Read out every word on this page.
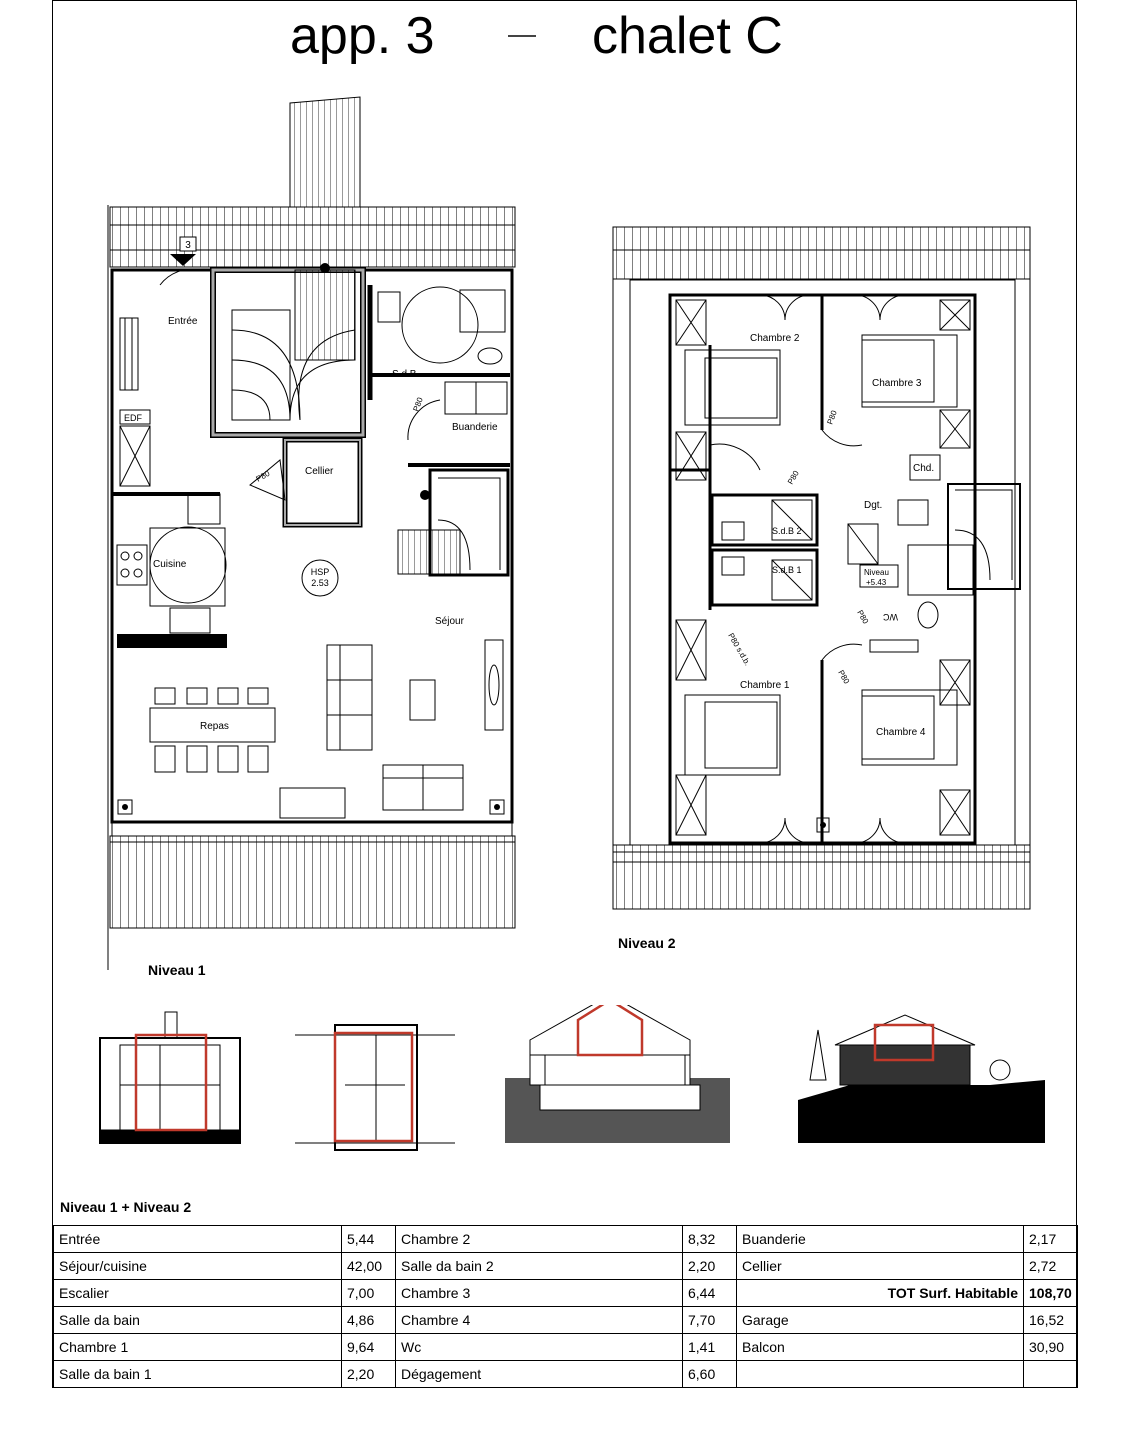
app. 3	chalet C
3
Entrée
EDF
S.d.B
Buanderie
Cellier
P80
Cuisine
HSP
2.53
Séjour
Repas
P80
Niveau 1
Chambre 2
Chambre 3
Chambre 1
Chambre 4
S.d.B 2
S.d.B 1
Dgt.
Niveau
+5.43
Chd.
WC
P80
P80
P80
P80
P80 s.d.b.
Niveau 2
Niveau 1 + Niveau 2
Entrée	5,44	Chambre 2	8,32	Buanderie	2,17
Séjour/cuisine	42,00	Salle da bain 2	2,20	Cellier	2,72
Escalier	7,00	Chambre 3	6,44	TOT Surf. Habitable	108,70
Salle da bain	4,86	Chambre 4	7,70	Garage	16,52
Chambre 1	9,64	Wc	1,41	Balcon	30,90
Salle da bain 1	2,20	Dégagement	6,60		
